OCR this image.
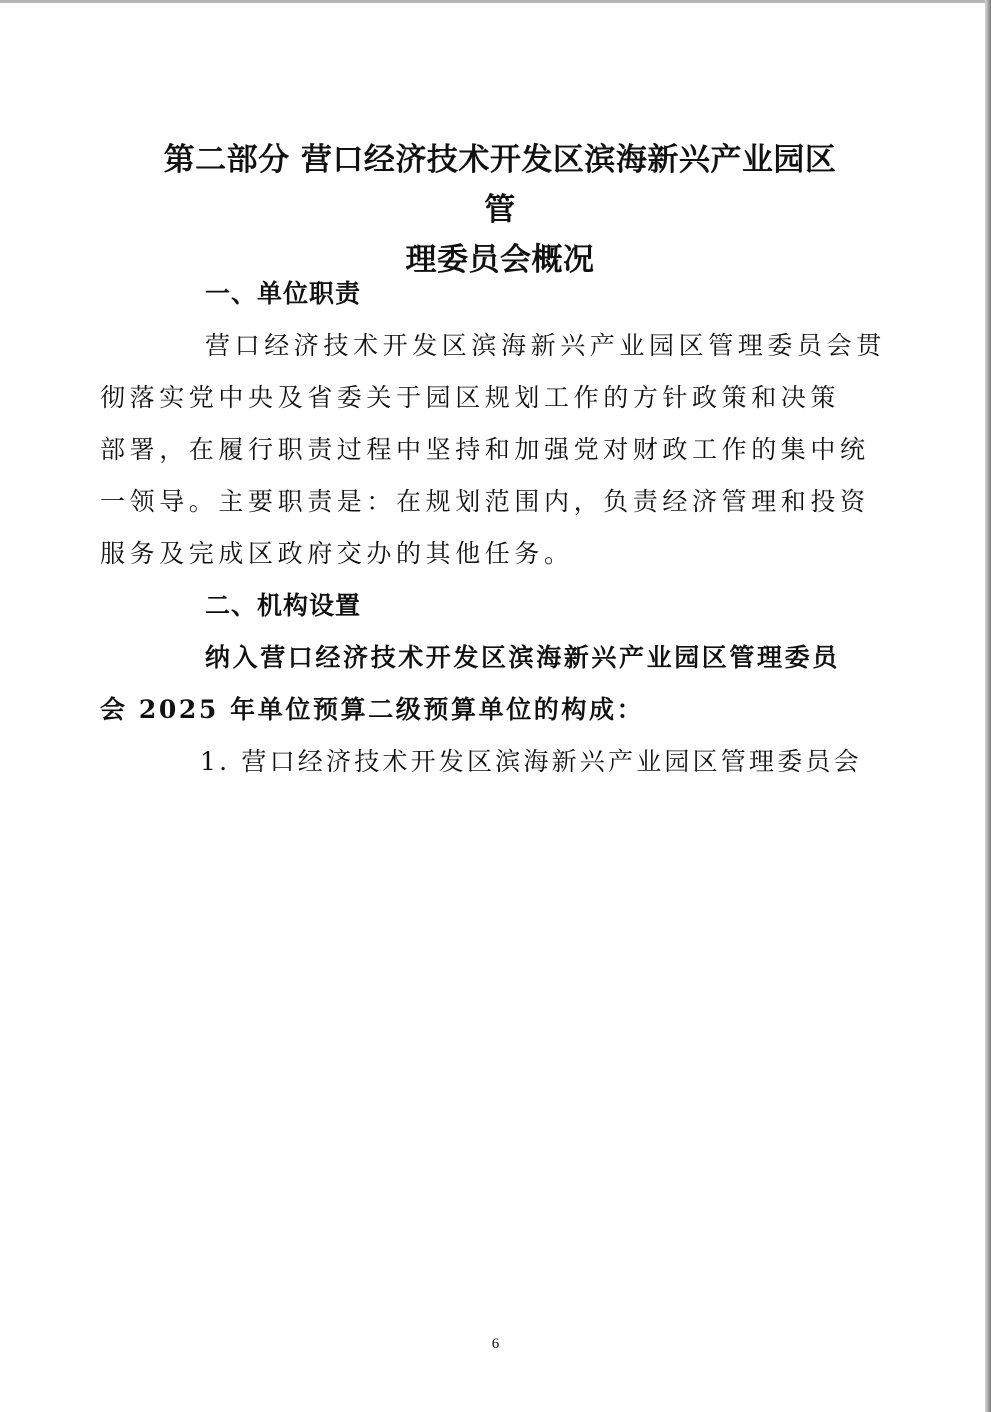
第二部分 营口经济技术开发区滨海新兴产业园区管
理委员会概况
一、单位职责
营口经济技术开发区滨海新兴产业园区管理委员会贯
彻落实党中央及省委关于园区规划工作的方针政策和决策
部署，在履行职责过程中坚持和加强党对财政工作的集中统
一领导。主要职责是：在规划范围内，负责经济管理和投资
服务及完成区政府交办的其他任务。
二、机构设置
纳入营口经济技术开发区滨海新兴产业园区管理委员
会 2025 年单位预算二级预算单位的构成：
1. 营口经济技术开发区滨海新兴产业园区管理委员会
6
